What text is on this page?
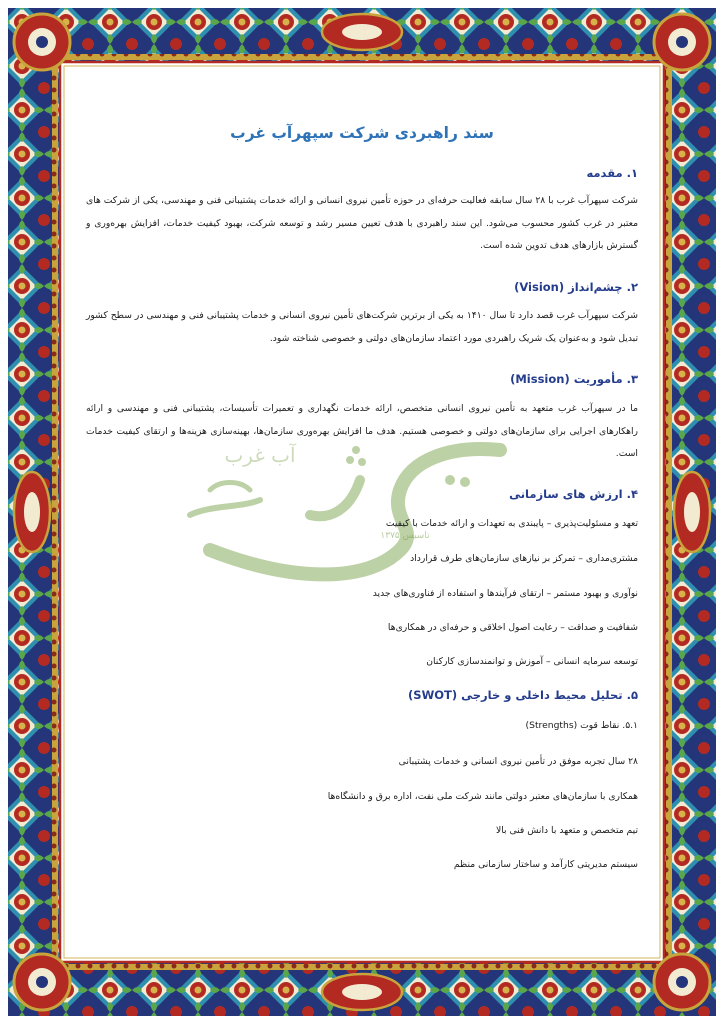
آب غرب
تاسیس ۱۳۷۵
سند راهبردی شرکت سپهرآب غرب
۱. مقدمه

شرکت سپهرآب غرب با ۲۸ سال سابقه فعالیت حرفه‌ای در حوزه تأمین نیروی انسانی و ارائه خدمات پشتیبانی فنی و مهندسی، یکی از شرکت های معتبر در غرب کشور محسوب می‌شود. این سند راهبردی با هدف تعیین مسیر رشد و توسعه شرکت، بهبود کیفیت خدمات، افزایش بهره‌وری و گسترش بازارهای هدف تدوین شده است.

۲. چشم‌انداز (Vision)

شرکت سپهرآب غرب قصد دارد تا سال ۱۴۱۰ به یکی از برترین شرکت‌های تأمین نیروی انسانی و خدمات پشتیبانی فنی و مهندسی در سطح کشور تبدیل شود و به‌عنوان یک شریک راهبردی مورد اعتماد سازمان‌های دولتی و خصوصی شناخته شود.

۳. مأموریت (Mission)

ما در سپهرآب غرب متعهد به تأمین نیروی انسانی متخصص، ارائه خدمات نگهداری و تعمیرات تأسیسات، پشتیبانی فنی و مهندسی و ارائه راهکارهای اجرایی برای سازمان‌های دولتی و خصوصی هستیم. هدف ما افزایش بهره‌وری سازمان‌ها، بهینه‌سازی هزینه‌ها و ارتقای کیفیت خدمات است.

۴. ارزش های سازمانی

تعهد و مسئولیت‌پذیری – پایبندی به تعهدات و ارائه خدمات با کیفیت

مشتری‌مداری – تمرکز بر نیازهای سازمان‌های طرف قرارداد

نوآوری و بهبود مستمر – ارتقای فرآیندها و استفاده از فناوری‌های جدید

شفافیت و صداقت – رعایت اصول اخلاقی و حرفه‌ای در همکاری‌ها

توسعه سرمایه انسانی – آموزش و توانمندسازی کارکنان

۵. تحلیل محیط داخلی و خارجی (SWOT)

۵.۱. نقاط قوت (Strengths)

۲۸ سال تجربه موفق در تأمین نیروی انسانی و خدمات پشتیبانی

همکاری با سازمان‌های معتبر دولتی مانند شرکت ملی نفت، اداره برق و دانشگاه‌ها

تیم متخصص و متعهد با دانش فنی بالا

سیستم مدیریتی کارآمد و ساختار سازمانی منظم
